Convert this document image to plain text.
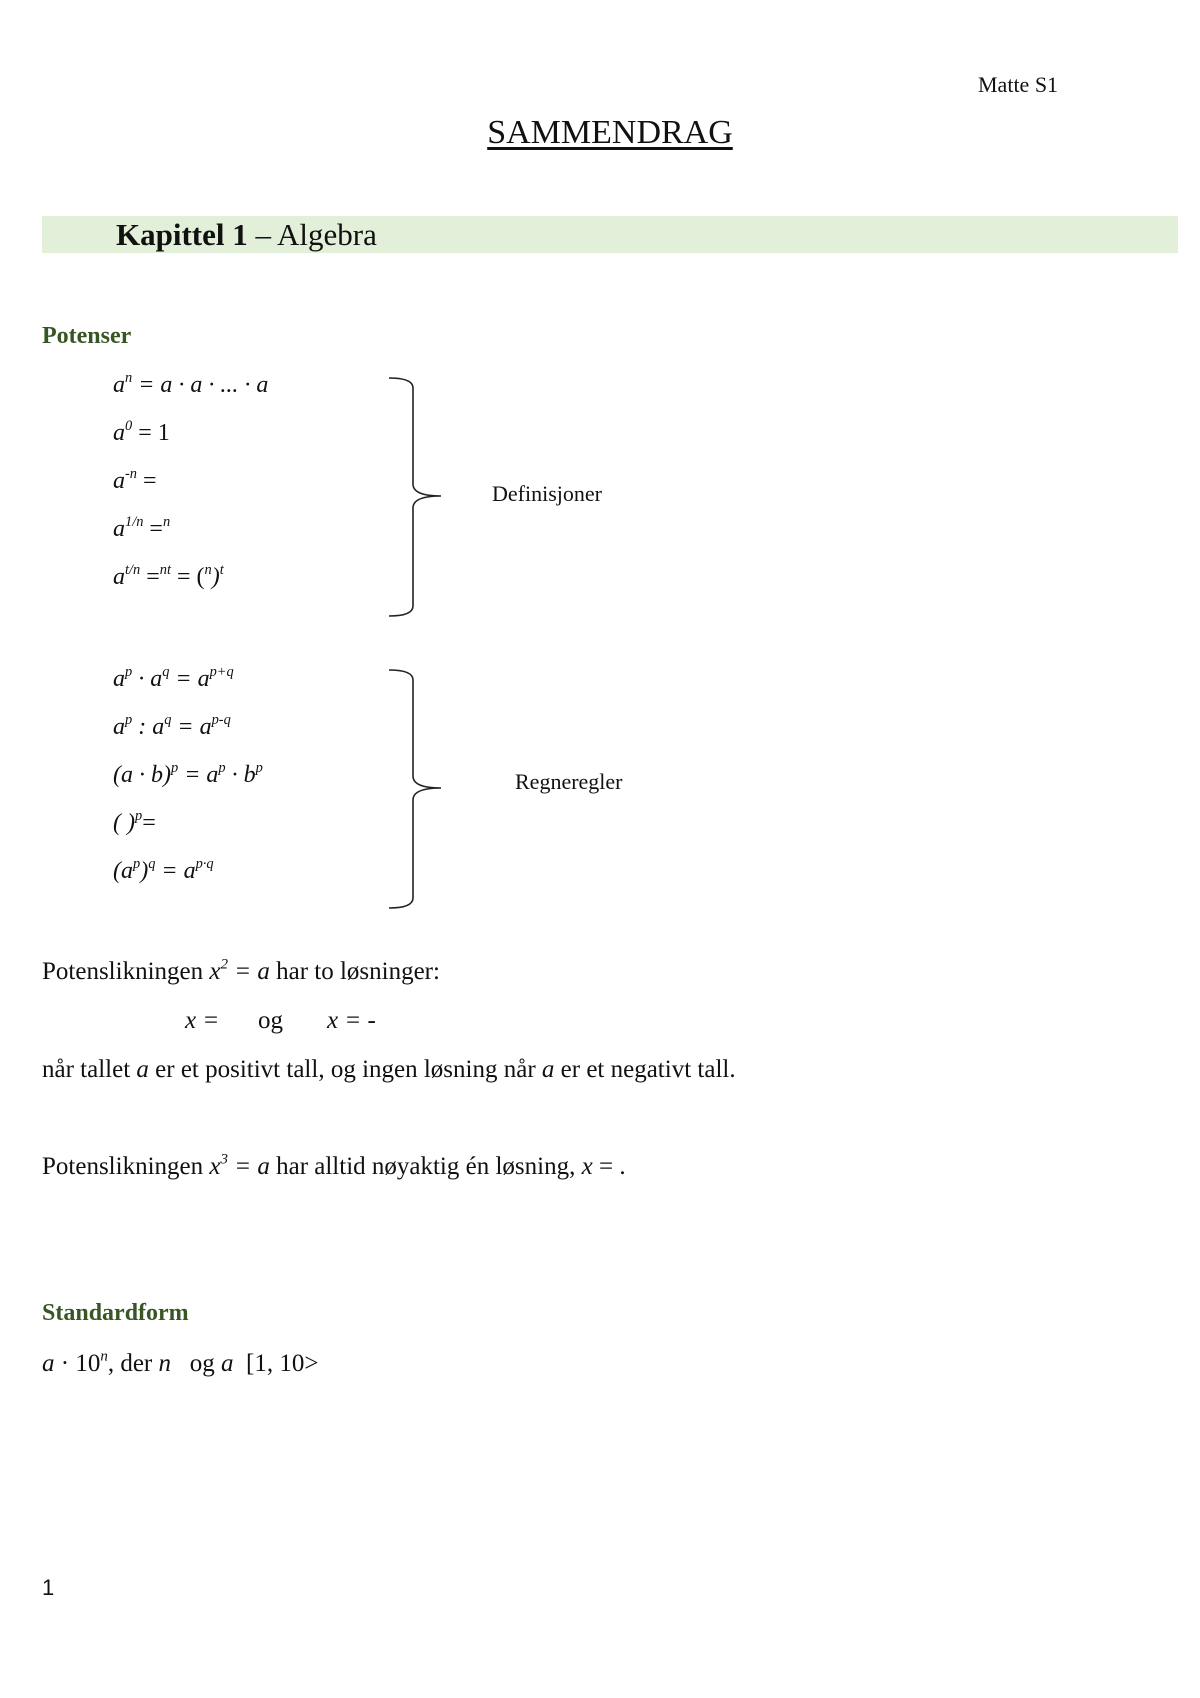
Matte S1
SAMMENDRAG
Kapittel 1 – Algebra
Potenser
$a^n = a \cdot a$ · ... · a
$a^0 = 1$
$a^{-n}$ =
$a^{1/n} =^n$
$a^{t/n} =^{nt} = (^n)^t$
Definisjoner
$a^p \cdot a^q = a^{p+q}$
$a^p$ : $a^q = a^{p-q}$
$(a \cdot b)^p = a^p \cdot b^p$
( )$^p$=
$(a^p)^q = a^{p\cdot q}$
Regneregler
Potenslikningen $x^2 = a$ har to løsninger:
x = og x = -
når tallet a er et positivt tall, og ingen løsning når a er et negativt tall.
Potenslikningen $x^3 = a$ har alltid nøyaktig én løsning, x = .
Standardform
$a \cdot 10^n$, der n og a [1, 10>
1
